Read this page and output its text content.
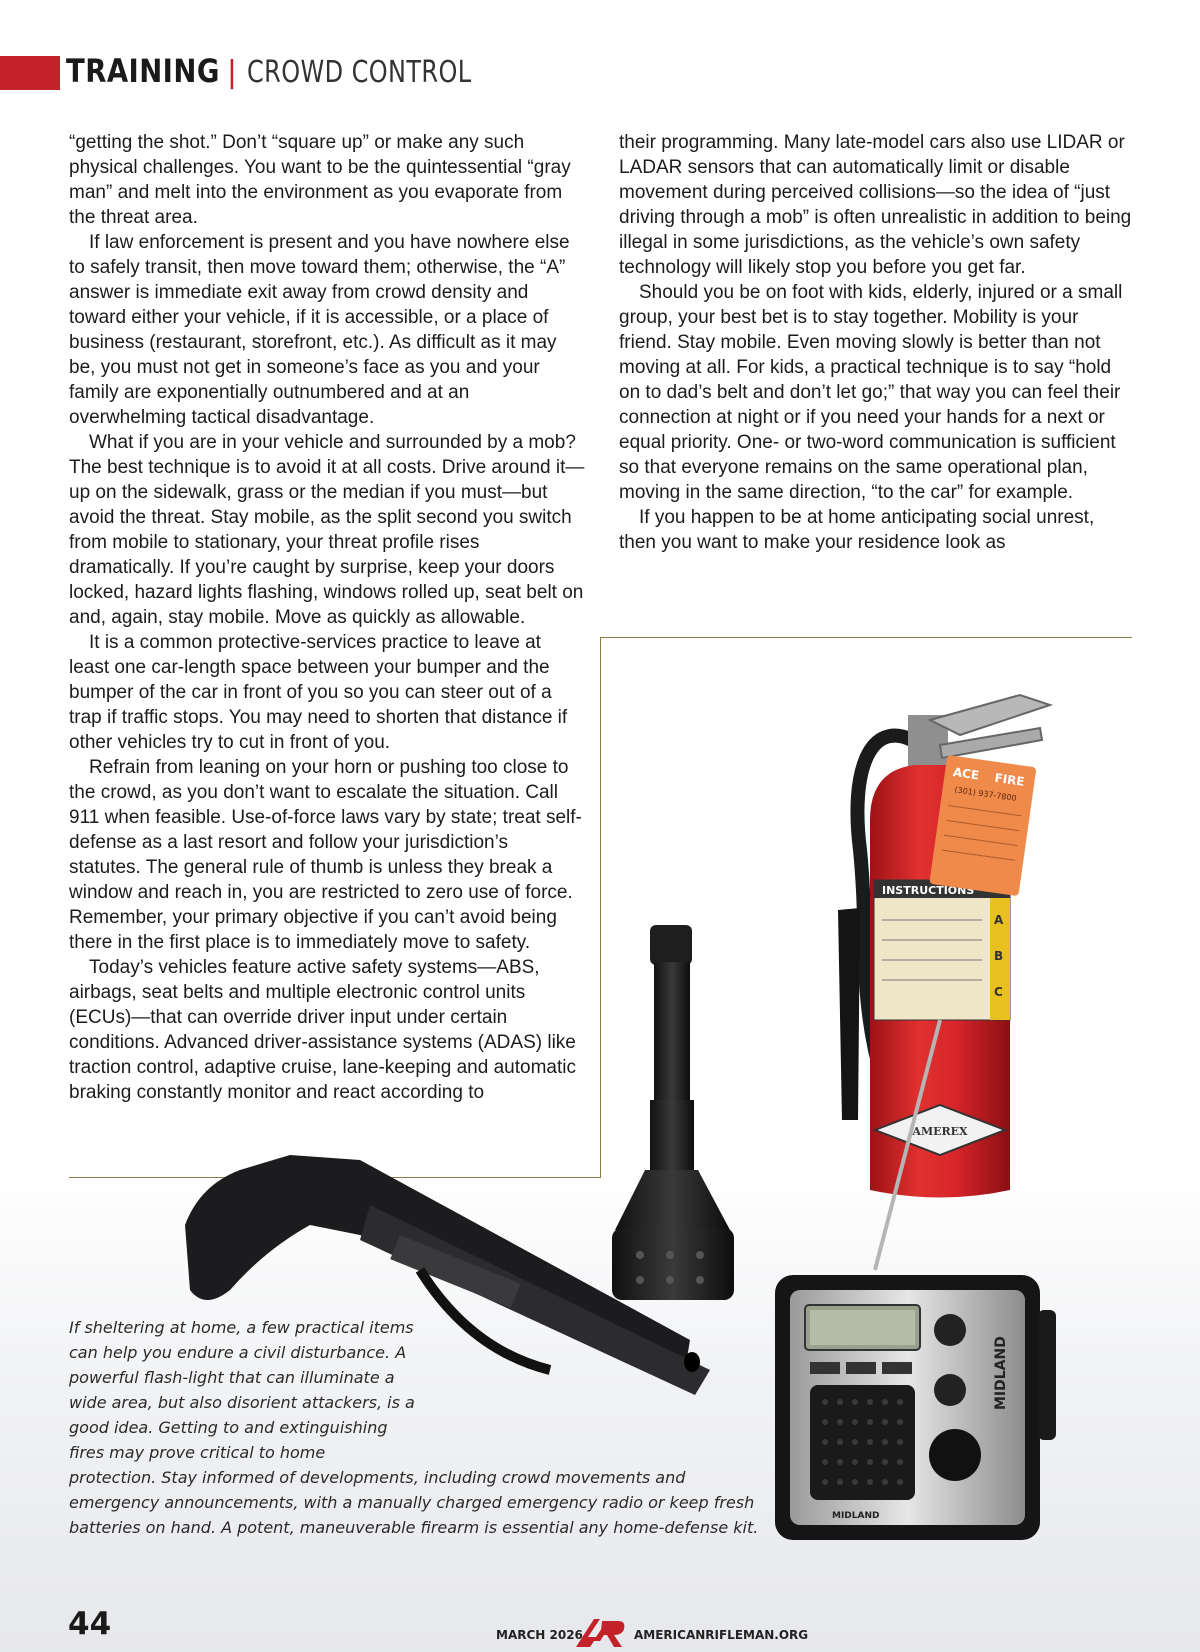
TRAINING | CROWD CONTROL

“getting the shot.” Don’t “square up” or make any such physical challenges. You want to be the quintessential “gray man” and melt into the environment as you evaporate from the threat area.

If law enforcement is present and you have nowhere else to safely transit, then move toward them; otherwise, the “A” answer is immediate exit away from crowd density and toward either your vehicle, if it is accessible, or a place of business (restaurant, storefront, etc.). As difficult as it may be, you must not get in someone’s face as you and your family are exponentially outnumbered and at an overwhelming tactical disadvantage.

What if you are in your vehicle and surrounded by a mob? The best technique is to avoid it at all costs. Drive around it—up on the sidewalk, grass or the median if you must—but avoid the threat. Stay mobile, as the split second you switch from mobile to stationary, your threat profile rises dramatically. If you’re caught by surprise, keep your doors locked, hazard lights flashing, windows rolled up, seat belt on and, again, stay mobile. Move as quickly as allowable.

It is a common protective-services practice to leave at least one car-length space between your bumper and the bumper of the car in front of you so you can steer out of a trap if traffic stops. You may need to shorten that distance if other vehicles try to cut in front of you.

Refrain from leaning on your horn or pushing too close to the crowd, as you don’t want to escalate the situation. Call 911 when feasible. Use-of-force laws vary by state; treat self-defense as a last resort and follow your jurisdiction’s statutes. The general rule of thumb is unless they break a window and reach in, you are restricted to zero use of force. Remember, your primary objective if you can’t avoid being there in the first place is to immediately move to safety.

Today’s vehicles feature active safety systems—ABS, airbags, seat belts and multiple electronic control units (ECUs)—that can override driver input under certain conditions. Advanced driver-assistance systems (ADAS) like traction control, adaptive cruise, lane-keeping and automatic braking constantly monitor and react according to

their programming. Many late-model cars also use LIDAR or LADAR sensors that can automatically limit or disable movement during perceived collisions—so the idea of “just driving through a mob” is often unrealistic in addition to being illegal in some jurisdictions, as the vehicle’s own safety technology will likely stop you before you get far.

Should you be on foot with kids, elderly, injured or a small group, your best bet is to stay together. Mobility is your friend. Stay mobile. Even moving slowly is better than not moving at all. For kids, a practical technique is to say “hold on to dad’s belt and don’t let go;” that way you can feel their connection at night or if you need your hands for a next or equal priority. One- or two-word communication is sufficient so that everyone remains on the same operational plan, moving in the same direction, “to the car” for example.

If you happen to be at home anticipating social unrest, then you want to make your residence look as

INSTRUCTIONS
A
B
C
AMEREX
ACE FIRE
(301) 937-7800
MIDLAND
MIDLAND
If sheltering at home, a few practical items can help you endure a civil disturbance. A powerful flash-light that can illuminate a wide area, but also disorient attackers, is a good idea. Getting to and extinguishing fires may prove critical to home
protection. Stay informed of developments, including crowd movements and emergency announcements, with a manually charged emergency radio or keep fresh batteries on hand. A potent, maneuverable firearm is essential any home-defense kit.
44	MARCH 2026	AMERICANRIFLEMAN.ORG
